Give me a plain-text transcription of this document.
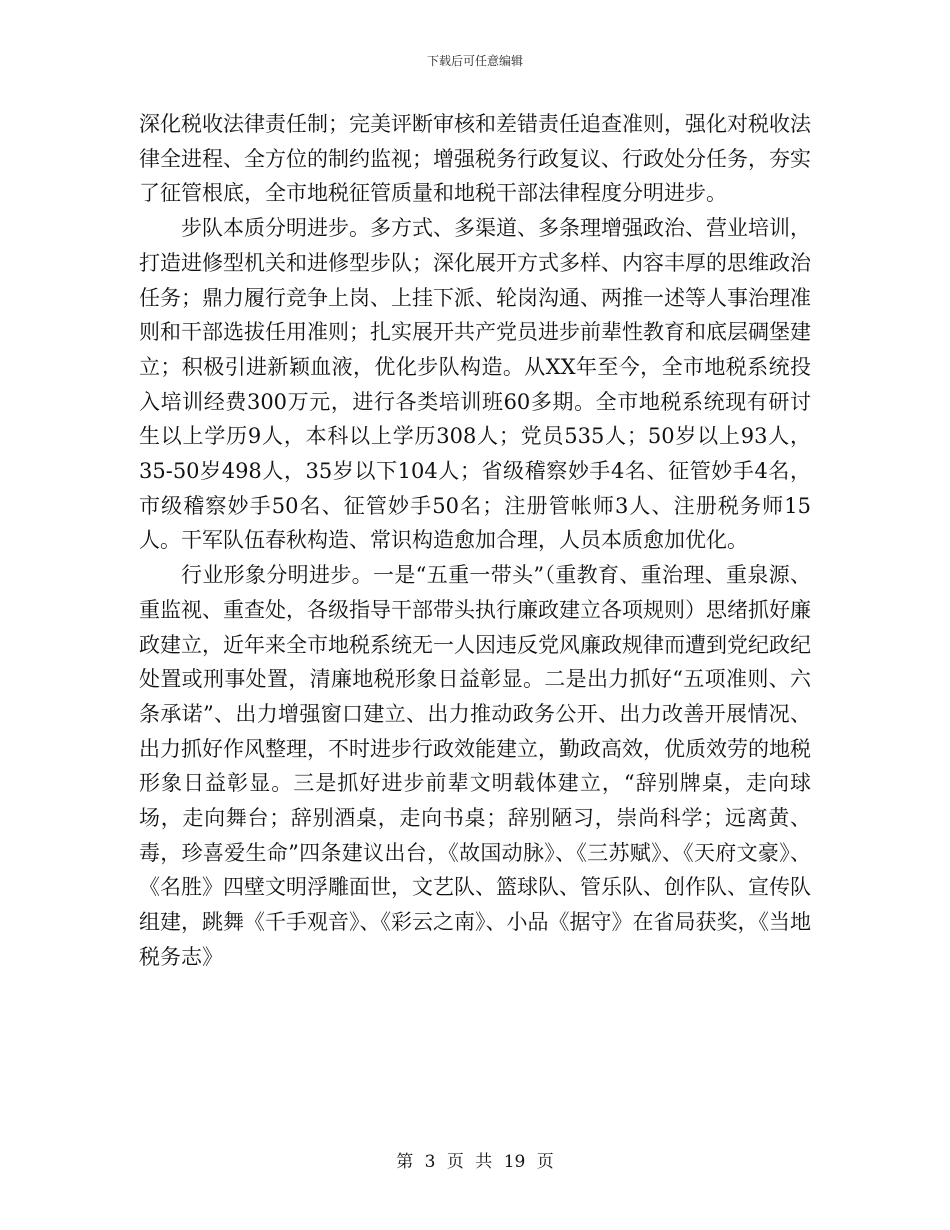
下载后可任意编辑

深化税收法律责任制；完美评断审核和差错责任追查准则，强化对税收法律全进程、全方位的制约监视；增强税务行政复议、行政处分任务，夯实了征管根底，全市地税征管质量和地税干部法律程度分明进步。

步队本质分明进步。多方式、多渠道、多条理增强政治、营业培训，打造进修型机关和进修型步队；深化展开方式多样、内容丰厚的思维政治任务；鼎力履行竞争上岗、上挂下派、轮岗沟通、两推一述等人事治理准则和干部选拔任用准则；扎实展开共产党员进步前辈性教育和底层碉堡建立；积极引进新颖血液，优化步队构造。从XX年至今，全市地税系统投入培训经费300万元，进行各类培训班60多期。全市地税系统现有研讨生以上学历9人，本科以上学历308人；党员535人；50岁以上93人，35-50岁498人，35岁以下104人；省级稽察妙手4名、征管妙手4名，市级稽察妙手50名、征管妙手50名；注册管帐师3人、注册税务师15人。干军队伍春秋构造、常识构造愈加合理，人员本质愈加优化。

行业形象分明进步。一是“五重一带头”（重教育、重治理、重泉源、重监视、重查处，各级指导干部带头执行廉政建立各项规则）思绪抓好廉政建立，近年来全市地税系统无一人因违反党风廉政规律而遭到党纪政纪处置或刑事处置，清廉地税形象日益彰显。二是出力抓好“五项准则、六条承诺”、出力增强窗口建立、出力推动政务公开、出力改善开展情况、出力抓好作风整理，不时进步行政效能建立，勤政高效，优质效劳的地税形象日益彰显。三是抓好进步前辈文明载体建立，“辞别牌桌，走向球场，走向舞台；辞别酒桌，走向书桌；辞别陋习，崇尚科学；远离黄、毒，珍喜爱生命”四条建议出台，《故国动脉》、《三苏赋》、《天府文豪》、《名胜》四壁文明浮雕面世，文艺队、篮球队、管乐队、创作队、宣传队组建，跳舞《千手观音》、《彩云之南》、小品《据守》在省局获奖，《当地税务志》

第 3 页 共 19 页
